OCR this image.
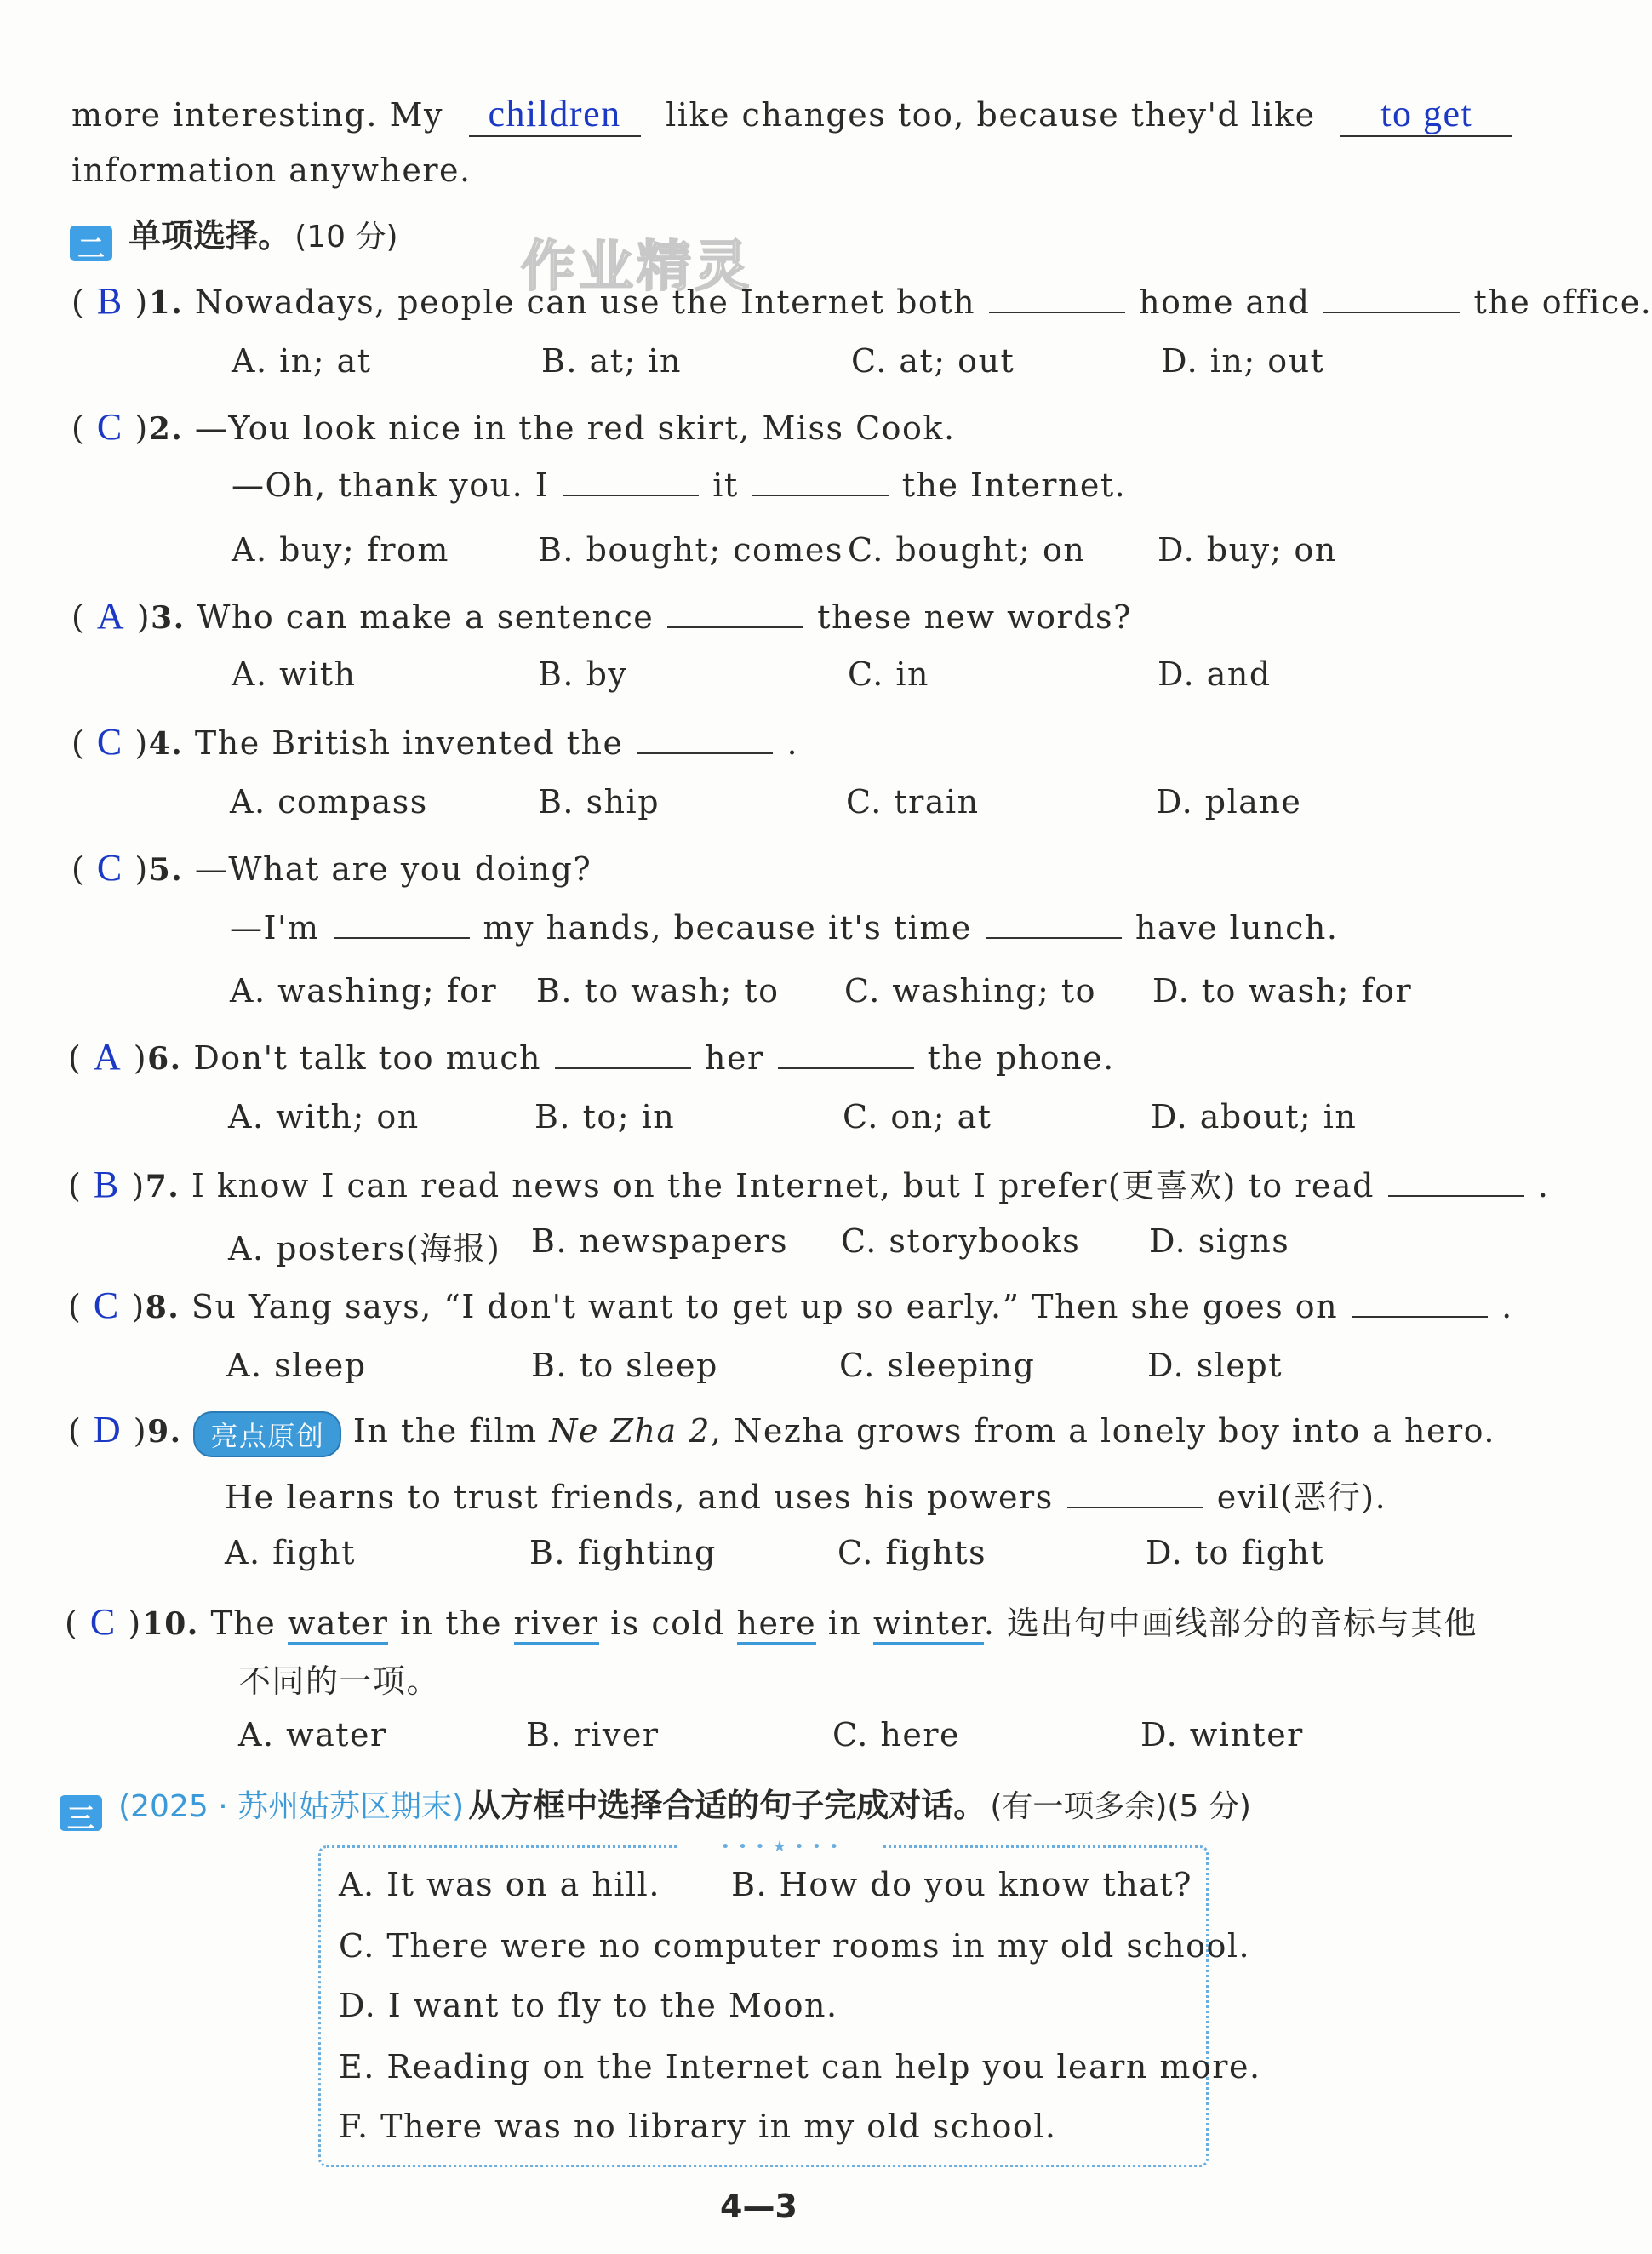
more interesting. My children like changes too, because they'd like to get
information anywhere.
二 单项选择。 (10 分) 作业精灵
( B )1. Nowadays, people can use the Internet both	home and	the office.
A. in; at	B. at; in	C. at; out	D. in; out
( C )2. —You look nice in the red skirt, Miss Cook.
—Oh, thank you. I	it	the Internet.
A. buy; from	B. bought; comes C. bought; on D. buy; on
( A )3. Who can make a sentence	these new words?
A. with	B. by	C. in	D. and
( C )4. The British invented the	.
A. compass	B. ship	C. train	D. plane
( C )5. —What are you doing?
—I'm	my hands, because it's time	have lunch.
A. washing; for B. to wash; to C. washing; to D. to wash; for
( A )6. Don't talk too much	her	the phone.
A. with; on	B. to; in	C. on; at	D. about; in
( B )7. I know I can read news on the Internet, but I prefer(更喜欢) to read	.
A. posters(海报) B. newspapers C. storybooks D. signs
( C )8. Su Yang says, “I don't want to get up so early.” Then she goes on	.
A. sleep	B. to sleep	C. sleeping	D. slept
( D )9. 亮点原创 In the film Ne Zha 2, Nezha grows from a lonely boy into a hero.
He learns to trust friends, and uses his powers	evil(恶行).
A. fight	B. fighting	C. fights	D. to fight
( C )10. The water in the river is cold here in winter. 选出句中画线部分的音标与其他
不同的一项。
A. water	B. river	C. here	D. winter
三 (2025 · 苏州姑苏区期末) 从方框中选择合适的句子完成对话。 (有一项多余)(5 分)
• • • ★ • • •
A. It was on a hill. B. How do you know that?
C. There were no computer rooms in my old school.
D. I want to fly to the Moon.
E. Reading on the Internet can help you learn more.
F. There was no library in my old school.
4—3
